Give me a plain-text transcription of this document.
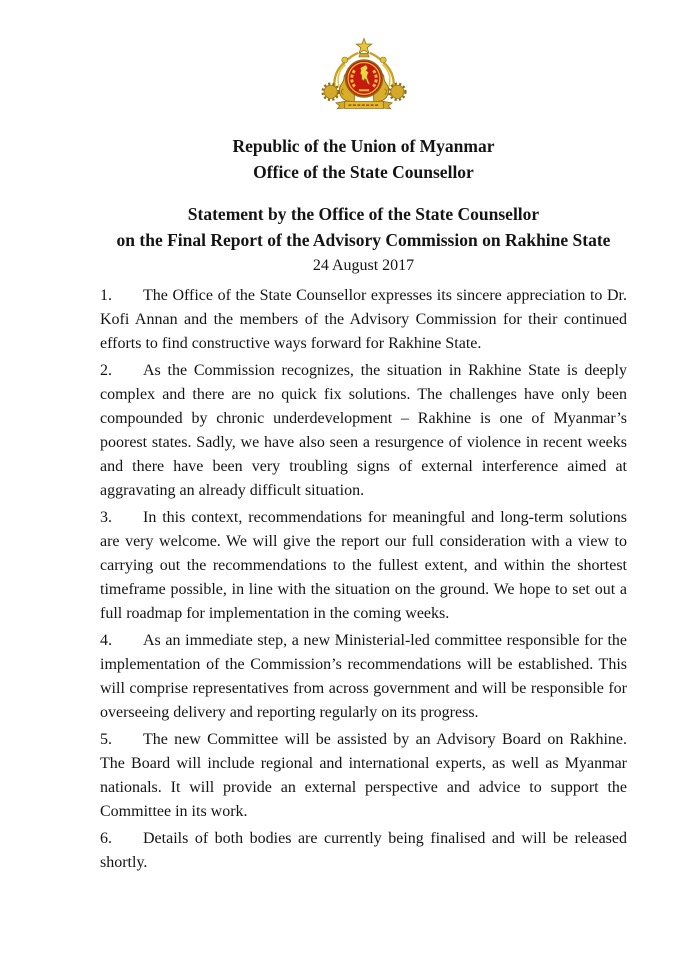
Republic of the Union of Myanmar
Office of the State Counsellor
Statement by the Office of the State Counsellor
on the Final Report of the Advisory Commission on Rakhine State
24 August 2017

1. The Office of the State Counsellor expresses its sincere appreciation to Dr. Kofi Annan and the members of the Advisory Commission for their continued efforts to find constructive ways forward for Rakhine State.

2. As the Commission recognizes, the situation in Rakhine State is deeply complex and there are no quick fix solutions. The challenges have only been compounded by chronic underdevelopment – Rakhine is one of Myanmar’s poorest states. Sadly, we have also seen a resurgence of violence in recent weeks and there have been very troubling signs of external interference aimed at aggravating an already difficult situation.

3. In this context, recommendations for meaningful and long-term solutions are very welcome. We will give the report our full consideration with a view to carrying out the recommendations to the fullest extent, and within the shortest timeframe possible, in line with the situation on the ground. We hope to set out a full roadmap for implementation in the coming weeks.

4. As an immediate step, a new Ministerial-led committee responsible for the implementation of the Commission’s recommendations will be established. This will comprise representatives from across government and will be responsible for overseeing delivery and reporting regularly on its progress.

5. The new Committee will be assisted by an Advisory Board on Rakhine. The Board will include regional and international experts, as well as Myanmar nationals. It will provide an external perspective and advice to support the Committee in its work.

6. Details of both bodies are currently being finalised and will be released shortly.
